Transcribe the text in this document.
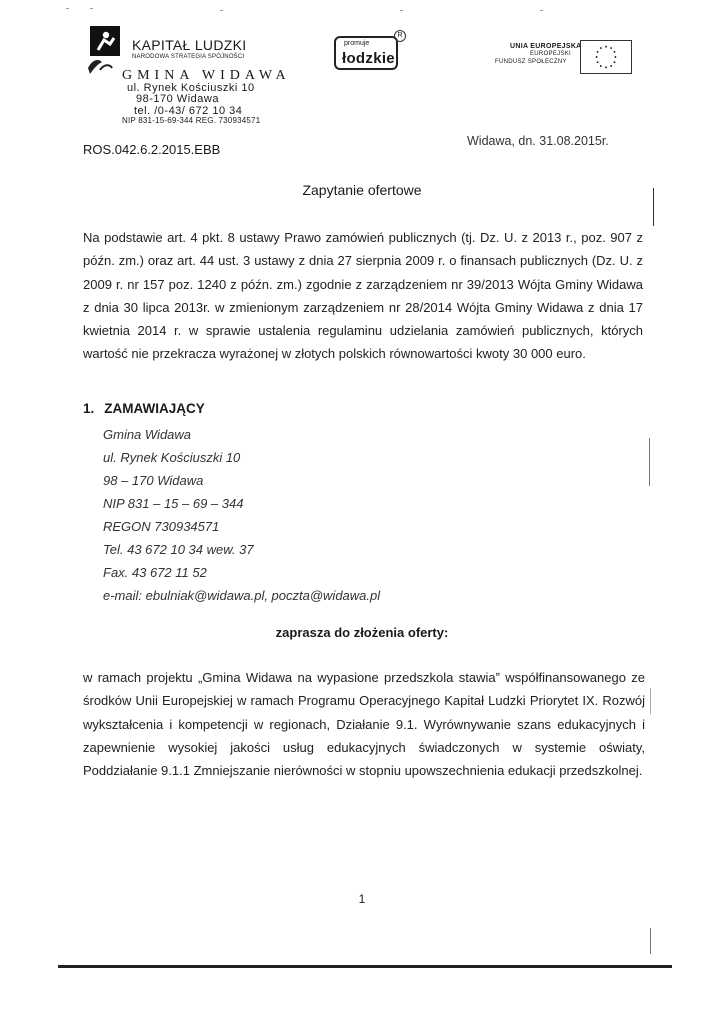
KAPITAŁ LUDZKI
NARODOWA STRATEGIA SPÓJNOŚCI
GMINA WIDAWA
ul. Rynek Kościuszki 10
98-170 Widawa
tel. /0-43/ 672 10 34
NIP 831-15-69-344 REG. 730934571
promuje
łodzkie
R
UNIA EUROPEJSKA
EUROPEJSKI
FUNDUSZ SPOŁECZNY
Widawa, dn. 31.08.2015r.
ROS.042.6.2.2015.EBB
Zapytanie ofertowe
Na podstawie art. 4 pkt. 8 ustawy Prawo zamówień publicznych (tj. Dz. U. z 2013 r., poz. 907 z późn. zm.) oraz art. 44 ust. 3 ustawy z dnia 27 sierpnia 2009 r. o finansach publicznych (Dz. U. z 2009 r. nr 157 poz. 1240 z późn. zm.) zgodnie z zarządzeniem nr 39/2013 Wójta Gminy Widawa z dnia 30 lipca 2013r. w zmienionym zarządzeniem nr 28/2014 Wójta Gminy Widawa z dnia 17 kwietnia 2014 r. w sprawie ustalenia regulaminu udzielania zamówień publicznych, których wartość nie przekracza wyrażonej w złotych polskich równowartości kwoty 30 000 euro.
1. ZAMAWIAJĄCY
Gmina Widawa
ul. Rynek Kościuszki 10
98 – 170 Widawa
NIP 831 – 15 – 69 – 344
REGON 730934571
Tel. 43 672 10 34 wew. 37
Fax. 43 672 11 52
e-mail: ebulniak@widawa.pl, poczta@widawa.pl
zaprasza do złożenia oferty:
w ramach projektu „Gmina Widawa na wypasione przedszkola stawia” współfinansowanego ze środków Unii Europejskiej w ramach Programu Operacyjnego Kapitał Ludzki Priorytet IX. Rozwój wykształcenia i kompetencji w regionach, Działanie 9.1. Wyrównywanie szans edukacyjnych i zapewnienie wysokiej jakości usług edukacyjnych świadczonych w systemie oświaty, Poddziałanie 9.1.1 Zmniejszanie nierówności w stopniu upowszechnienia edukacji przedszkolnej.
1
